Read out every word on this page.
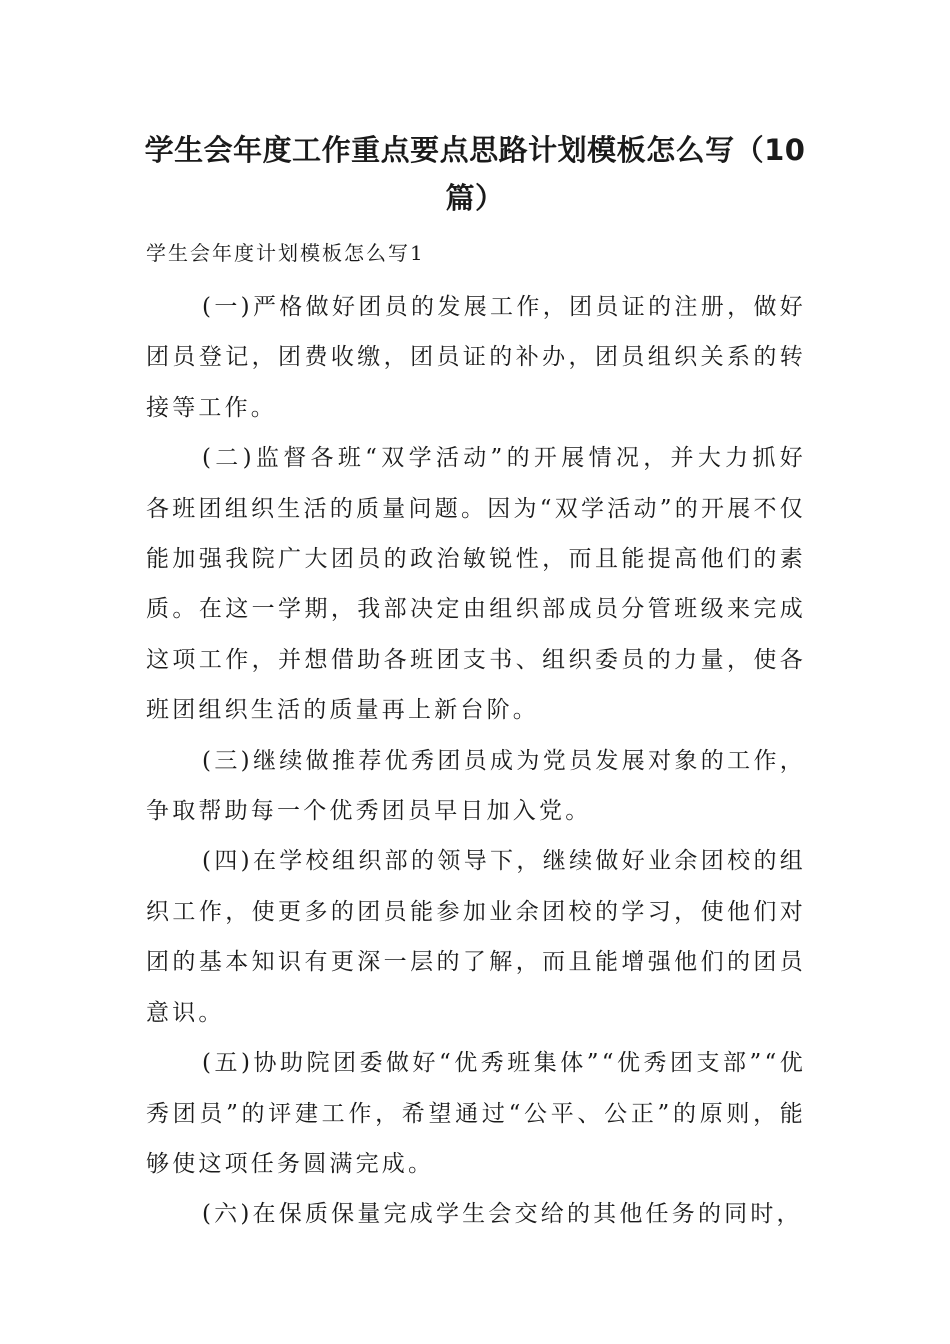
学生会年度工作重点要点思路计划模板怎么写（10篇）
学生会年度计划模板怎么写1

(一)严格做好团员的发展工作，团员证的注册，做好团员登记，团费收缴，团员证的补办，团员组织关系的转接等工作。

(二)监督各班“双学活动”的开展情况，并大力抓好各班团组织生活的质量问题。因为“双学活动”的开展不仅能加强我院广大团员的政治敏锐性，而且能提高他们的素质。在这一学期，我部决定由组织部成员分管班级来完成这项工作，并想借助各班团支书、组织委员的力量，使各班团组织生活的质量再上新台阶。

(三)继续做推荐优秀团员成为党员发展对象的工作，争取帮助每一个优秀团员早日加入党。

(四)在学校组织部的领导下，继续做好业余团校的组织工作，使更多的团员能参加业余团校的学习，使他们对团的基本知识有更深一层的了解，而且能增强他们的团员意识。

(五)协助院团委做好“优秀班集体”“优秀团支部”“优秀团员”的评建工作，希望通过“公平、公正”的原则，能够使这项任务圆满完成。

(六)在保质保量完成学生会交给的其他任务的同时，
